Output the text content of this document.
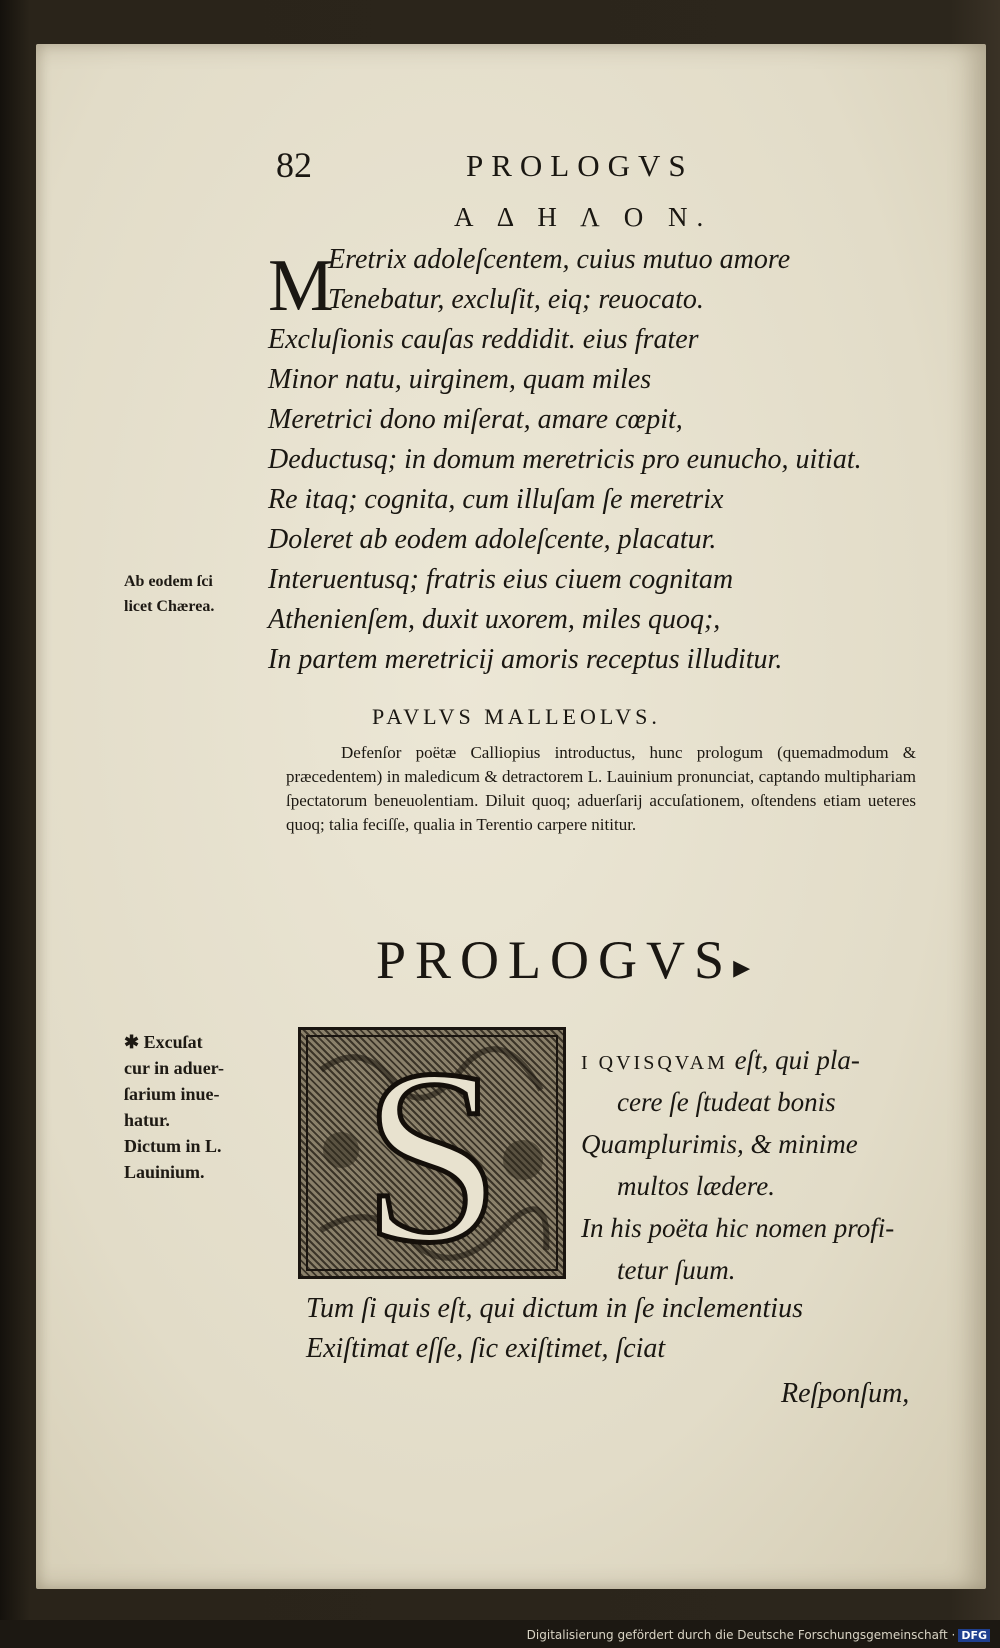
82	PROLOGVS
A Δ Η Λ Ο Ν.
M
Eretrix adoleſcentem, cuius mutuo amore
Tenebatur, excluſit, eiq; reuocato.
Excluſionis cauſas reddidit. eius frater
Minor natu, uirginem, quam miles
Meretrici dono miſerat, amare cœpit,
Deductusq; in domum meretricis pro eunucho, uitiat.
Re itaq; cognita, cum illuſam ſe meretrix
Doleret ab eodem adoleſcente, placatur.
Interuentusq; fratris eius ciuem cognitam
Athenienſem, duxit uxorem, miles quoq;,
In partem meretricij amoris receptus illuditur.
Ab eodem ſci
licet Chærea.
PAVLVS MALLEOLVS.
Defenſor poëtæ Calliopius introductus, hunc prologum (quemadmodum & præcedentem) in maledicum & detractorem L. Lauinium pronunciat, captando multiphariam ſpectatorum beneuolentiam. Diluit quoq; aduerſarij accuſationem, oſtendens etiam ueteres quoq; talia feciſſe, qualia in Terentio carpere nititur.
PROLOGVS▸
✱ Excuſat
cur in aduer-
ſarium inue-
hatur.
Dictum in L.
Lauinium. S	I QVISQVAM eſt, qui pla-
cere ſe ſtudeat bonis
Quamplurimis, & minime
multos lædere.
In his poëta hic nomen profi-
tetur ſuum.
Tum ſi quis eſt, qui dictum in ſe inclementius
Exiſtimat eſſe, ſic exiſtimet, ſciat
Reſponſum,
Digitalisierung gefördert durch die Deutsche Forschungsgemeinschaft · DFG
